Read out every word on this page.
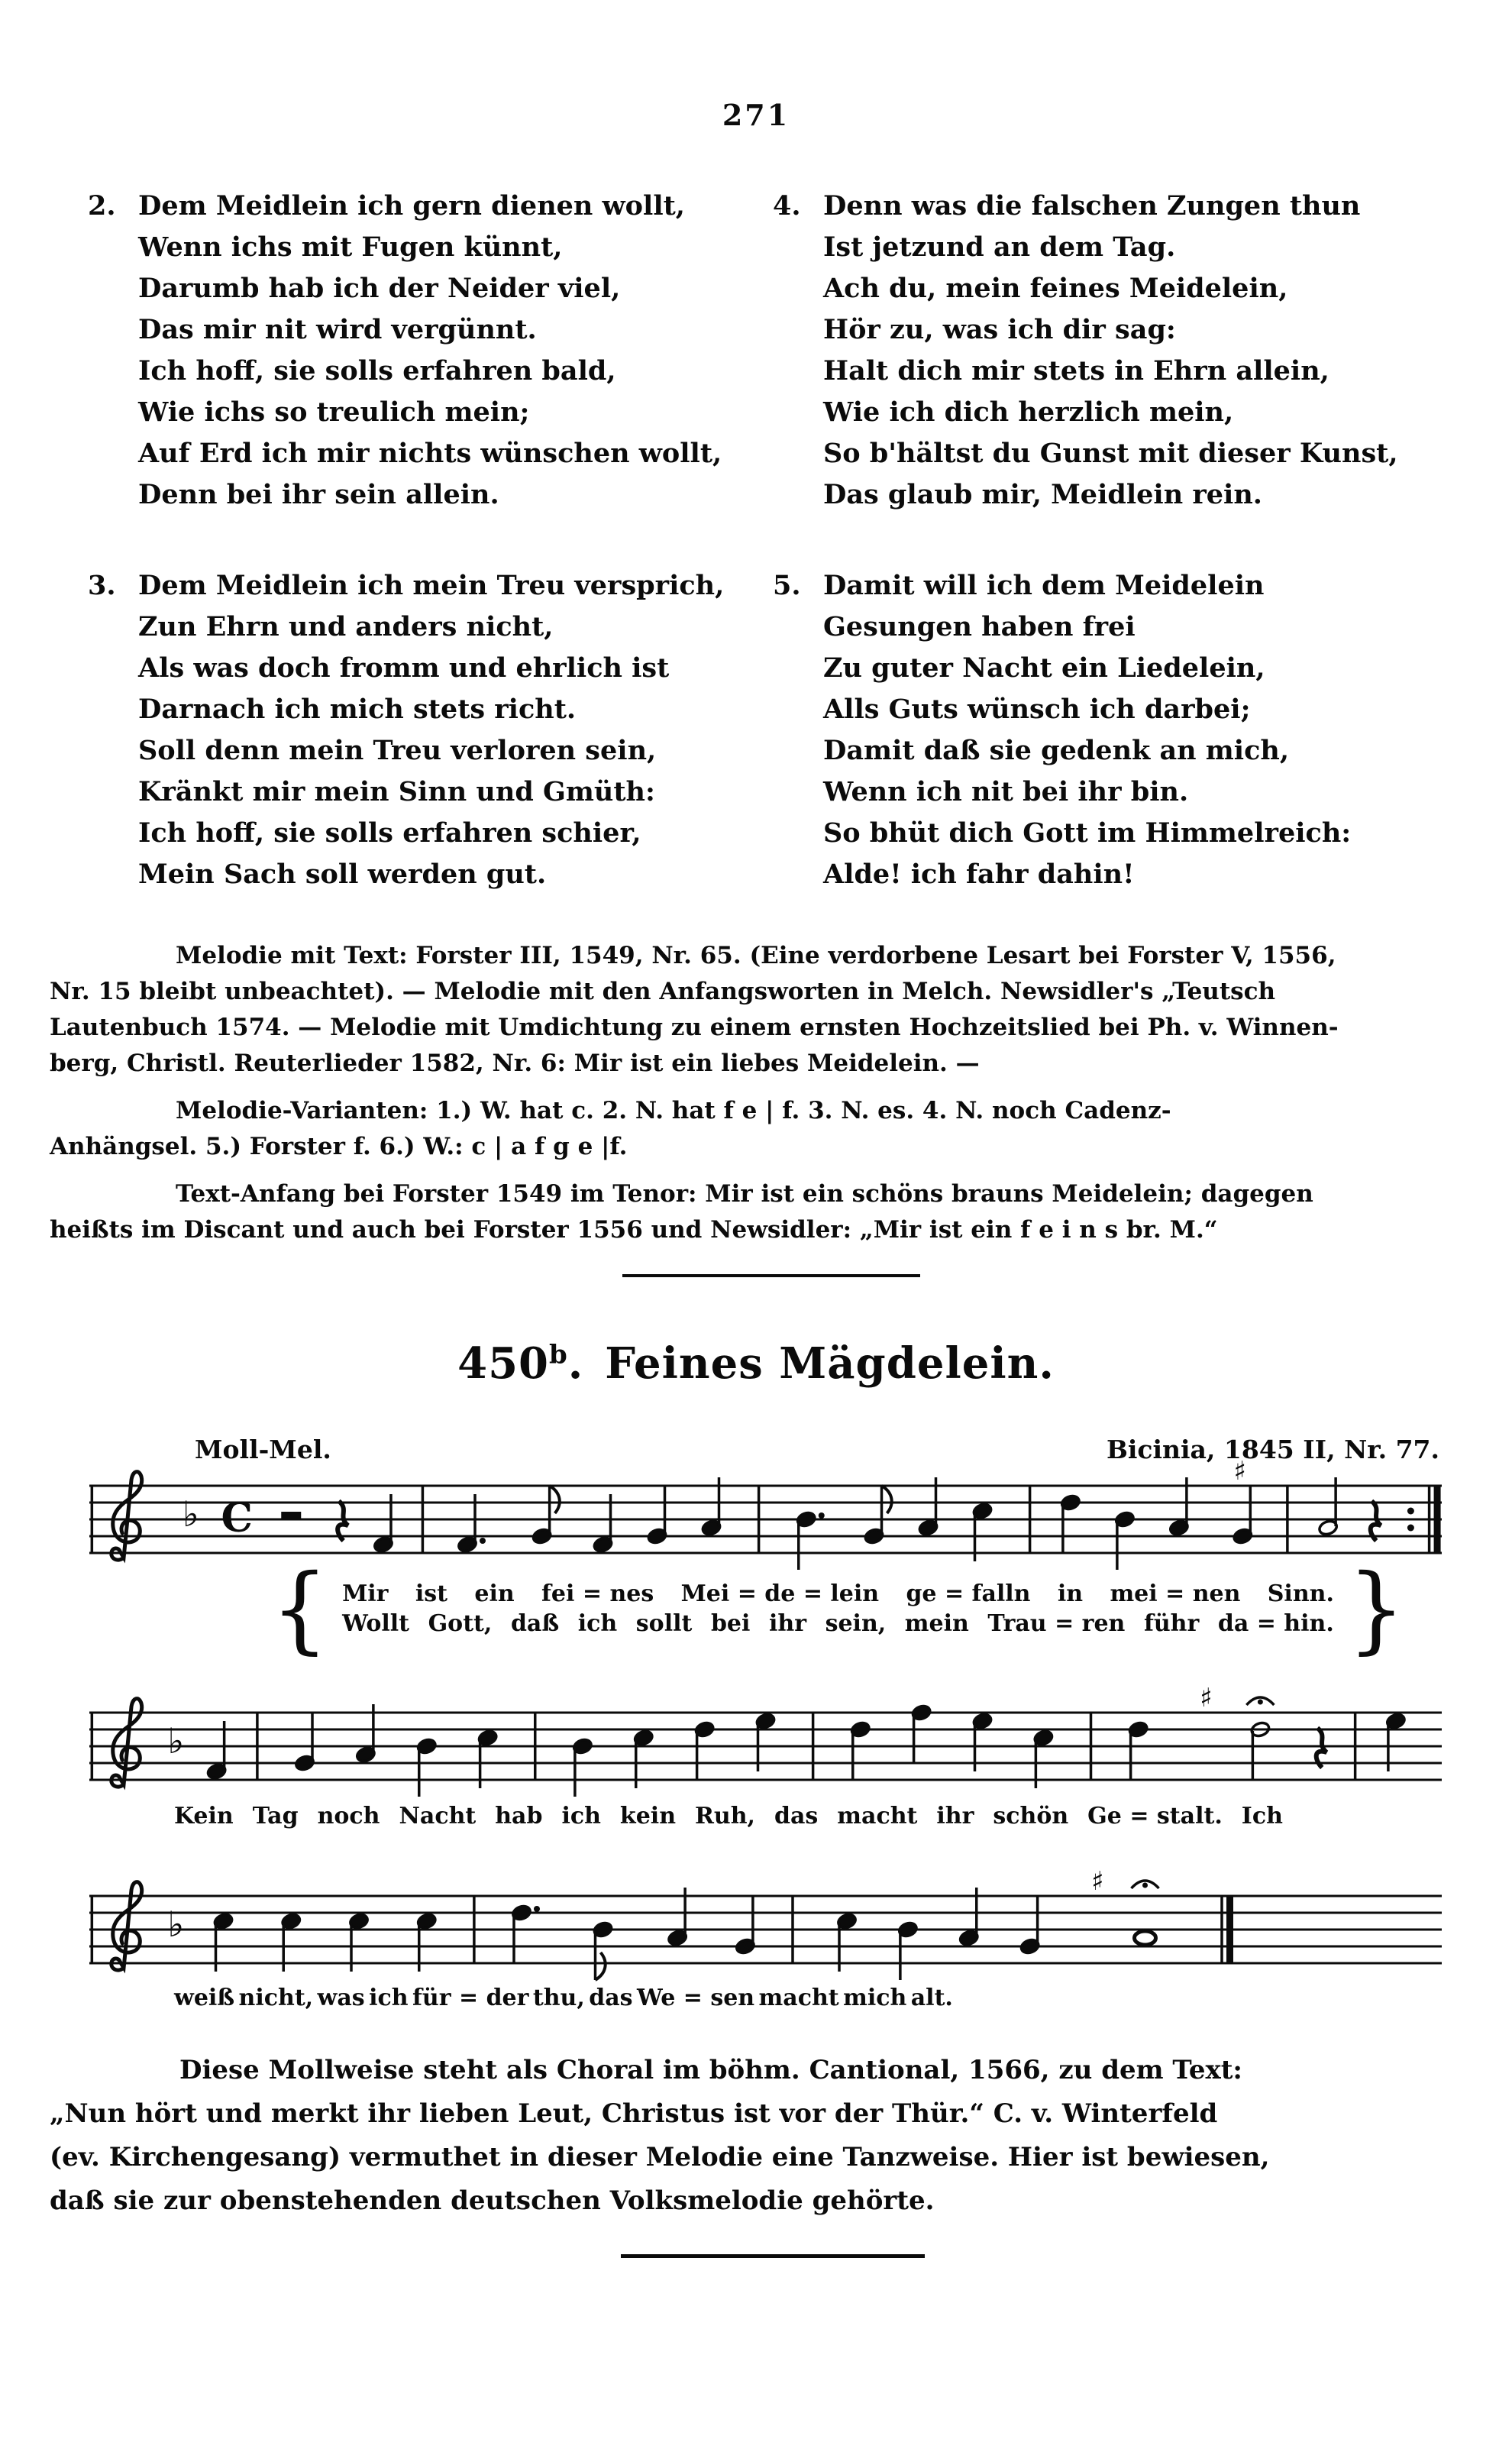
271
2. Dem Meidlein ich gern dienen wollt,
Wenn ichs mit Fugen künnt,
Darumb hab ich der Neider viel,
Das mir nit wird vergünnt.
Ich hoff, sie solls erfahren bald,
Wie ichs so treulich mein;
Auf Erd ich mir nichts wünschen wollt,
Denn bei ihr sein allein.
3. Dem Meidlein ich mein Treu versprich,
Zun Ehrn und anders nicht,
Als was doch fromm und ehrlich ist
Darnach ich mich stets richt.
Soll denn mein Treu verloren sein,
Kränkt mir mein Sinn und Gmüth:
Ich hoff, sie solls erfahren schier,
Mein Sach soll werden gut.
4. Denn was die falschen Zungen thun
Ist jetzund an dem Tag.
Ach du, mein feines Meidelein,
Hör zu, was ich dir sag:
Halt dich mir stets in Ehrn allein,
Wie ich dich herzlich mein,
So b'hältst du Gunst mit dieser Kunst,
Das glaub mir, Meidlein rein.
5. Damit will ich dem Meidelein
Gesungen haben frei
Zu guter Nacht ein Liedelein,
Alls Guts wünsch ich darbei;
Damit daß sie gedenk an mich,
Wenn ich nit bei ihr bin.
So bhüt dich Gott im Himmelreich:
Alde! ich fahr dahin!
Melodie mit Text: Forster III, 1549, Nr. 65. (Eine verdorbene Lesart bei Forster V, 1556,
Nr. 15 bleibt unbeachtet). — Melodie mit den Anfangsworten in Melch. Newsidler's „Teutsch
Lautenbuch 1574. — Melodie mit Umdichtung zu einem ernsten Hochzeitslied bei Ph. v. Winnen‐
berg, Christl. Reuterlieder 1582, Nr. 6: Mir ist ein liebes Meidelein. —
Melodie‐Varianten: 1.) W. hat c. 2. N. hat f e | f. 3. N. es. 4. N. noch Cadenz‐
Anhängsel. 5.) Forster f. 6.) W.: c | a f g e |f.
Text‐Anfang bei Forster 1549 im Tenor: Mir ist ein schöns brauns Meidelein; dagegen
heißts im Discant und auch bei Forster 1556 und Newsidler: „Mir ist ein f e i n s br. M.“
450$^b$. Feines Mägdelein.
Moll-Mel.	Bicinia, 1845 II, Nr. 77.
♭ C
♯
{ Mir ist ein fei = nes Mei = de = lein ge = falln in mei = nen Sinn.
Wollt Gott, daß ich sollt bei ihr sein, mein Trau = ren führ da = hin. }
♭
♯
Kein Tag noch Nacht hab ich kein Ruh, das macht ihr schön Ge = stalt. Ich
♭
♯
weiß nicht, was ich für = der thu, das We = sen macht mich alt.
Diese Mollweise steht als Choral im böhm. Cantional, 1566, zu dem Text:
„Nun hört und merkt ihr lieben Leut, Christus ist vor der Thür.“ C. v. Winterfeld
(ev. Kirchengesang) vermuthet in dieser Melodie eine Tanzweise. Hier ist bewiesen,
daß sie zur obenstehenden deutschen Volksmelodie gehörte.
